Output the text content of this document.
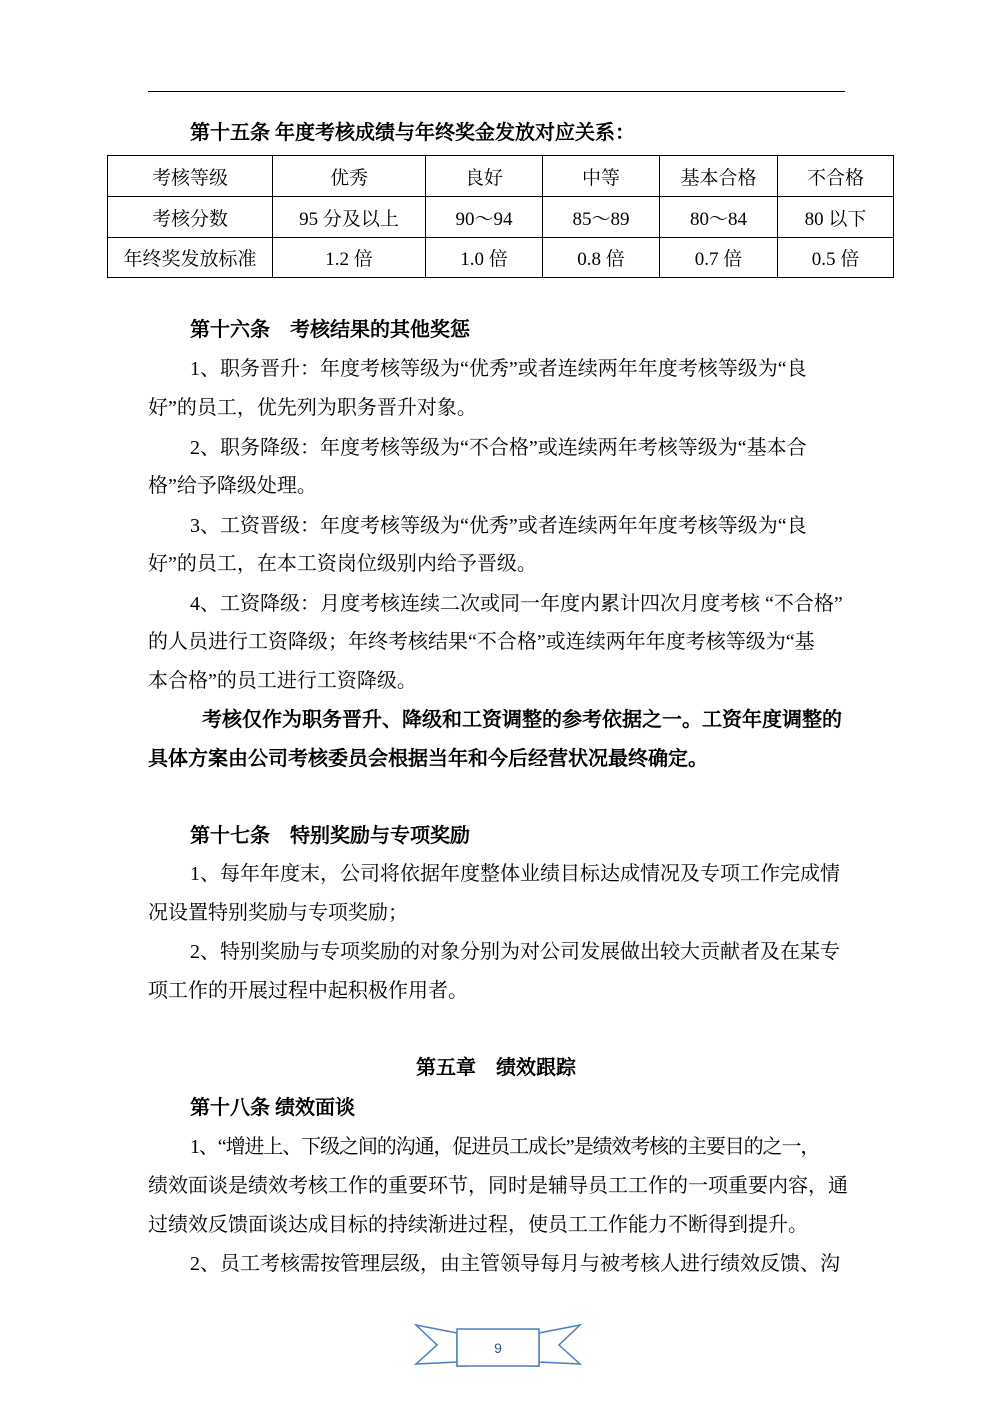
第十五条 年度考核成绩与年终奖金发放对应关系：
考核等级	优秀	良好	中等	基本合格	不合格
考核分数	95 分及以上	90～94	85～89	80～84	80 以下
年终奖发放标准	1.2 倍	1.0 倍	0.8 倍	0.7 倍	0.5 倍
第十六条　考核结果的其他奖惩
1、职务晋升：年度考核等级为“优秀”或者连续两年年度考核等级为“良
好”的员工，优先列为职务晋升对象。
2、职务降级：年度考核等级为“不合格”或连续两年考核等级为“基本合
格”给予降级处理。
3、工资晋级：年度考核等级为“优秀”或者连续两年年度考核等级为“良
好”的员工，在本工资岗位级别内给予晋级。
4、工资降级：月度考核连续二次或同一年度内累计四次月度考核 “不合格”
的人员进行工资降级；年终考核结果“不合格”或连续两年年度考核等级为“基
本合格”的员工进行工资降级。
考核仅作为职务晋升、降级和工资调整的参考依据之一。工资年度调整的
具体方案由公司考核委员会根据当年和今后经营状况最终确定。
第十七条　特别奖励与专项奖励
1、每年年度末，公司将依据年度整体业绩目标达成情况及专项工作完成情
况设置特别奖励与专项奖励；
2、特别奖励与专项奖励的对象分别为对公司发展做出较大贡献者及在某专
项工作的开展过程中起积极作用者。
第五章　绩效跟踪
第十八条 绩效面谈
1、“增进上、下级之间的沟通，促进员工成长”是绩效考核的主要目的之一，
绩效面谈是绩效考核工作的重要环节，同时是辅导员工工作的一项重要内容，通
过绩效反馈面谈达成目标的持续渐进过程，使员工工作能力不断得到提升。
2、员工考核需按管理层级，由主管领导每月与被考核人进行绩效反馈、沟
9
